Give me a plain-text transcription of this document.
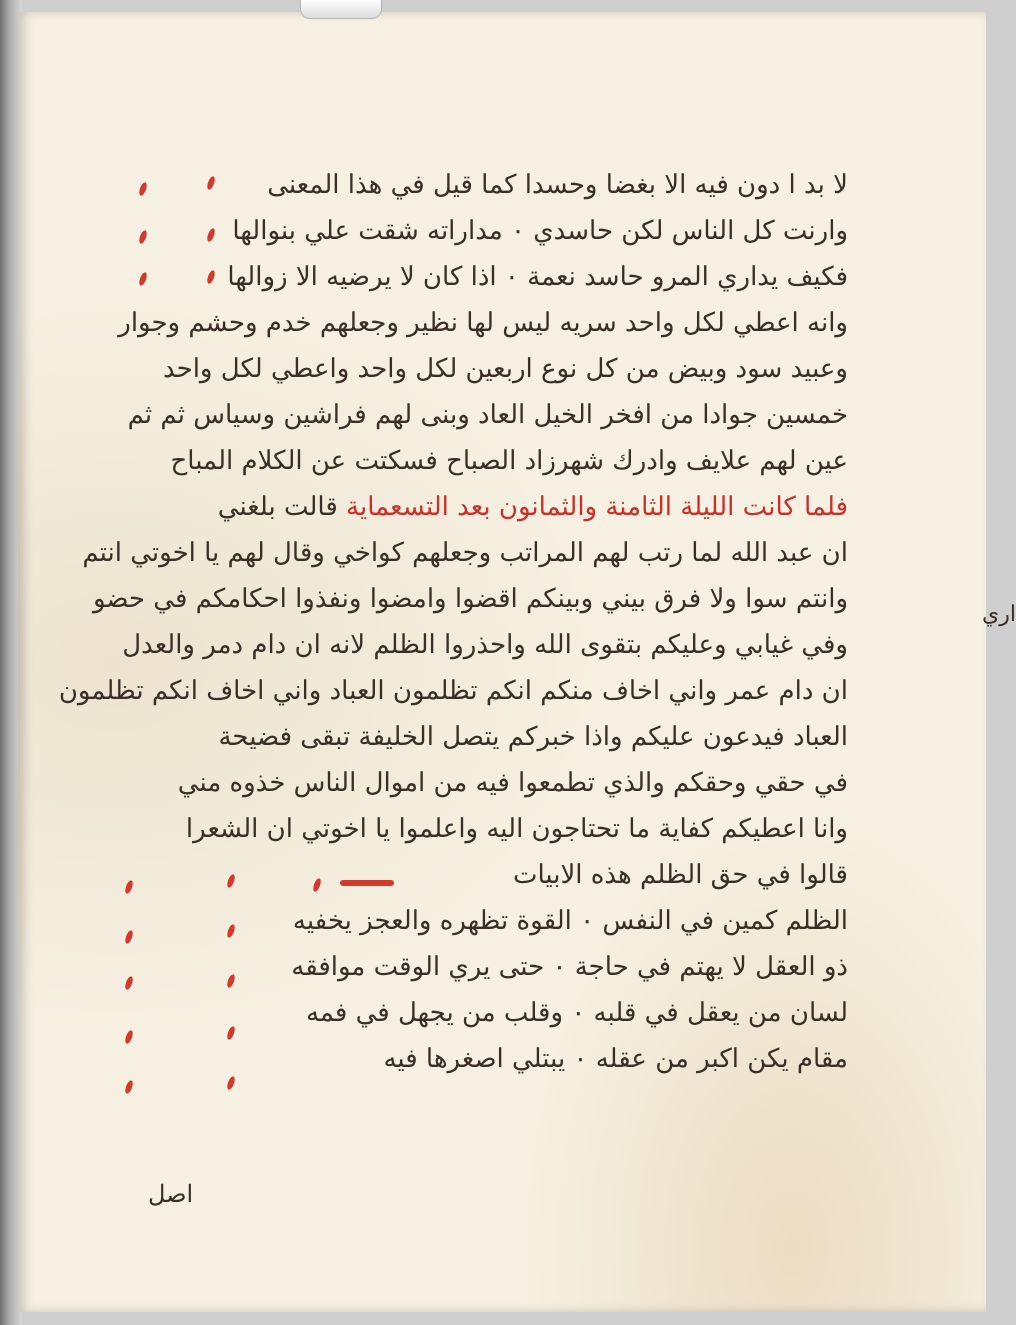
لا بد ا دون فيه الا بغضا وحسدا كما قيل في هذا المعنى
وارنت كل الناس لكن حاسدي ۰ مداراته شقت علي بنوالها
فكيف يداري المرو حاسد نعمة ۰ اذا كان لا يرضيه الا زوالها
وانه اعطي لكل واحد سريه ليس لها نظير وجعلهم خدم وحشم وجوار
وعبيد سود وبيض من كل نوع اربعين لكل واحد واعطي لكل واحد
خمسين جوادا من افخر الخيل العاد وبنى لهم فراشين وسياس ثم ثم
عين لهم علايف وادرك شهرزاد الصباح فسكتت عن الكلام المباح
فلما كانت الليلة الثامنة والثمانون بعد التسعماية قالت بلغني
ان عبد الله لما رتب لهم المراتب وجعلهم كواخي وقال لهم يا اخوتي انتم
وانتم سوا ولا فرق بيني وبينكم اقضوا وامضوا ونفذوا احكامكم في حضو
وفي غيابي وعليكم بتقوى الله واحذروا الظلم لانه ان دام دمر والعدل
ان دام عمر واني اخاف منكم انكم تظلمون العباد واني اخاف انكم تظلمون
العباد فيدعون عليكم واذا خبركم يتصل الخليفة تبقى فضيحة
في حقي وحقكم والذي تطمعوا فيه من اموال الناس خذوه مني
وانا اعطيكم كفاية ما تحتاجون اليه واعلموا يا اخوتي ان الشعرا
قالوا في حق الظلم هذه الابيات
الظلم كمين في النفس ۰ القوة تظهره والعجز يخفيه
ذو العقل لا يهتم في حاجة ۰ حتى يري الوقت موافقه
لسان من يعقل في قلبه ۰ وقلب من يجهل في فمه
مقام يكن اكبر من عقله ۰ يبتلي اصغرها فيه
اري
اصل
